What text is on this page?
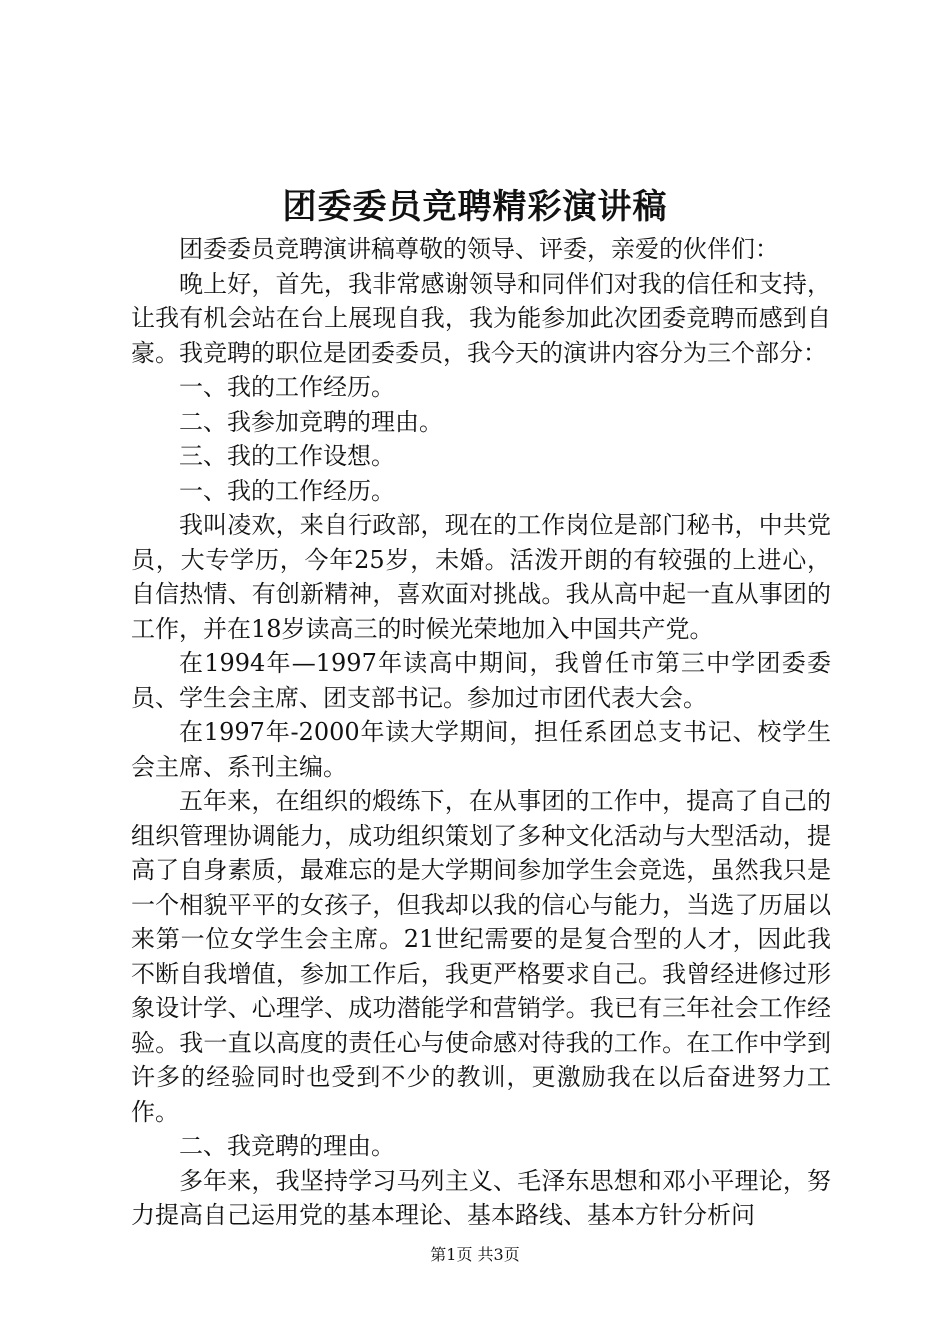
团委委员竞聘精彩演讲稿

团委委员竞聘演讲稿尊敬的领导、评委，亲爱的伙伴们：

晚上好，首先，我非常感谢领导和同伴们对我的信任和支持，让我有机会站在台上展现自我，我为能参加此次团委竞聘而感到自豪。我竞聘的职位是团委委员，我今天的演讲内容分为三个部分：

一、我的工作经历。

二、我参加竞聘的理由。

三、我的工作设想。

一、我的工作经历。

我叫凌欢，来自行政部，现在的工作岗位是部门秘书，中共党员，大专学历，今年25岁，未婚。活泼开朗的有较强的上进心，自信热情、有创新精神，喜欢面对挑战。我从高中起一直从事团的工作，并在18岁读高三的时候光荣地加入中国共产党。

在1994年—1997年读高中期间，我曾任市第三中学团委委员、学生会主席、团支部书记。参加过市团代表大会。

在1997年-2000年读大学期间，担任系团总支书记、校学生会主席、系刊主编。

五年来，在组织的煅练下，在从事团的工作中，提高了自己的组织管理协调能力，成功组织策划了多种文化活动与大型活动，提高了自身素质，最难忘的是大学期间参加学生会竞选，虽然我只是一个相貌平平的女孩子，但我却以我的信心与能力，当选了历届以来第一位女学生会主席。21世纪需要的是复合型的人才，因此我不断自我增值，参加工作后，我更严格要求自己。我曾经进修过形象设计学、心理学、成功潜能学和营销学。我已有三年社会工作经验。我一直以高度的责任心与使命感对待我的工作。在工作中学到许多的经验同时也受到不少的教训，更激励我在以后奋进努力工作。

二、我竞聘的理由。

多年来，我坚持学习马列主义、毛泽东思想和邓小平理论，努力提高自己运用党的基本理论、基本路线、基本方针分析问

第1页 共3页
